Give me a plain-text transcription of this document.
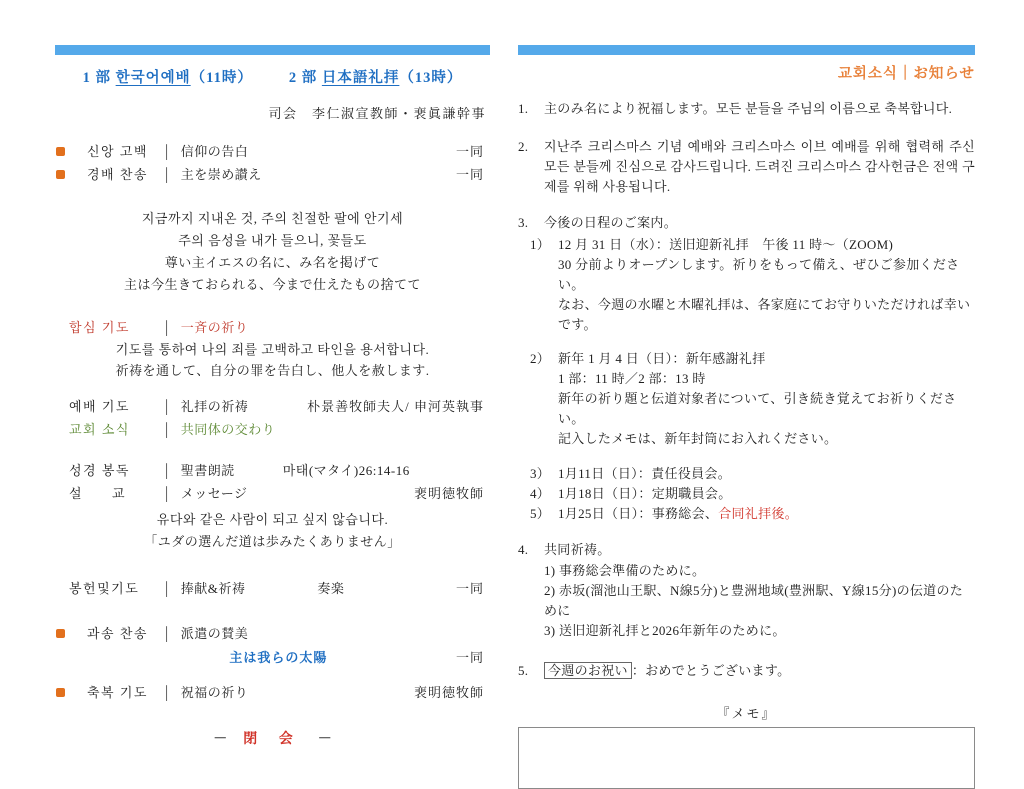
1 部 한국어예배（11時） 2 部 日本語礼拝（13時）
司会　李仁淑宣教師・裵眞謙幹事
신앙 고백	│ 信仰の告白	一同
경배 찬송	│ 主を崇め讃え	一同
지금까지 지내온 것, 주의 친절한 팔에 안기세
주의 음성을 내가 들으니, 꽃들도
尊い主イエスの名に、み名を掲げて
主は今生きておられる、今まで仕えたもの捨てて
합심 기도	│ 一斉の祈り
기도를 통하여 나의 죄를 고백하고 타인을 용서합니다.
祈祷を通して、自分の罪を告白し、他人を赦します.
예배 기도	│ 礼拝の祈祷	朴景善牧師夫人/ 申河英執事
교회 소식	│ 共同体の交わり
성경 봉독	│ 聖書朗読	마태(マタイ)26:14-16
설　　교	│ メッセージ	裵明徳牧師
유다와 같은 사람이 되고 싶지 않습니다.
「ユダの選んだ道は歩みたくありません」
봉헌및기도	│ 捧献&祈祷	奏楽	一同
과송 찬송	│ 派遣の賛美
主は我らの太陽	一同
축복 기도	│ 祝福の祈り	裵明徳牧師
－ 閉 会 －
교회소식｜お知らせ
1.	主のみ名により祝福します。모든 분들을 주님의 이름으로 축복합니다.
2.	지난주 크리스마스 기념 예배와 크리스마스 이브 예배를 위해 협력해 주신 모든 분들께 진심으로 감사드립니다. 드려진 크리스마스 감사헌금은 전액 구제를 위해 사용됩니다.
3.	今後の日程のご案内。
1） 12 月 31 日（水）：送旧迎新礼拝　午後 11 時～（ZOOM)
30 分前よりオープンします。祈りをもって備え、ぜひご参加ください。
なお、今週の水曜と木曜礼拝は、各家庭にてお守りいただければ幸いです。
2） 新年 1 月 4 日（日）：新年感謝礼拝
1 部：11 時／2 部：13 時
新年の祈り題と伝道対象者について、引き続き覚えてお祈りください。
記入したメモは、新年封筒にお入れください。
3） 1月11日（日）：責任役員会。
4） 1月18日（日）：定期職員会。
5） 1月25日（日）：事務総会、合同礼拝後。
4.	共同祈祷。
1) 事務総会準備のために。
2) 赤坂(溜池山王駅、N線5分)と豊洲地域(豊洲駅、Y線15分)の伝道のために
3) 送旧迎新礼拝と2026年新年のために。
5.	今週のお祝い ：おめでとうございます。
『メモ』
